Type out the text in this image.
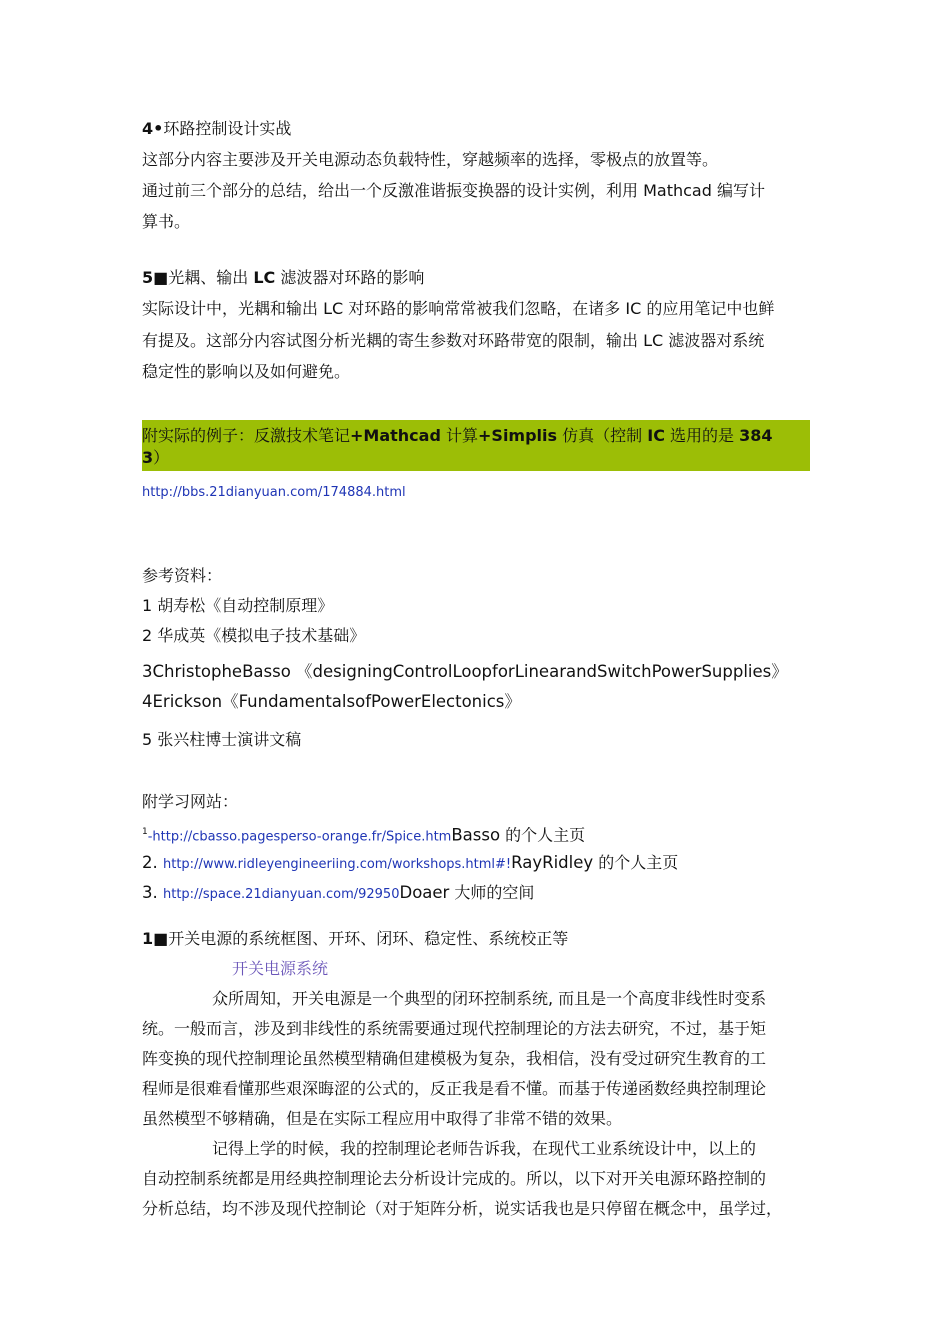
4•环路控制设计实战
这部分内容主要涉及开关电源动态负载特性，穿越频率的选择，零极点的放置等。
通过前三个部分的总结，给出一个反激准谐振变换器的设计实例，利用 Mathcad 编写计
算书。
5■光耦、输出 LC 滤波器对环路的影响
实际设计中，光耦和输出 LC 对环路的影响常常被我们忽略，在诸多 IC 的应用笔记中也鲜
有提及。这部分内容试图分析光耦的寄生参数对环路带宽的限制，输出 LC 滤波器对系统
稳定性的影响以及如何避免。
附实际的例子：反激技术笔记+Mathcad 计算+Simplis 仿真（控制 IC 选用的是 384
3）
http://bbs.21dianyuan.com/174884.html
参考资料：
1 胡寿松《自动控制原理》
2 华成英《模拟电子技术基础》
3ChristopheBasso 《designingControlLoopforLinearandSwitchPowerSupplies》
4Erickson《FundamentalsofPowerElectonics》
5 张兴柱博士演讲文稿
附学习网站：
$^1$-http://cbasso.pagesperso-orange.fr/Spice.htmBasso 的个人主页
2. http://www.ridleyengineeriing.com/workshops.html#!RayRidley 的个人主页
3. http://space.21dianyuan.com/92950Doaer 大师的空间
1■开关电源的系统框图、开环、闭环、稳定性、系统校正等
开关电源系统
众所周知，开关电源是一个典型的闭环控制系统, 而且是一个高度非线性时变系
统。一般而言，涉及到非线性的系统需要通过现代控制理论的方法去研究，不过，基于矩
阵变换的现代控制理论虽然模型精确但建模极为复杂，我相信，没有受过研究生教育的工
程师是很难看懂那些艰深晦涩的公式的，反正我是看不懂。而基于传递函数经典控制理论
虽然模型不够精确，但是在实际工程应用中取得了非常不错的效果。
记得上学的时候，我的控制理论老师告诉我，在现代工业系统设计中，以上的
自动控制系统都是用经典控制理论去分析设计完成的。所以，以下对开关电源环路控制的
分析总结，均不涉及现代控制论（对于矩阵分析，说实话我也是只停留在概念中，虽学过，
